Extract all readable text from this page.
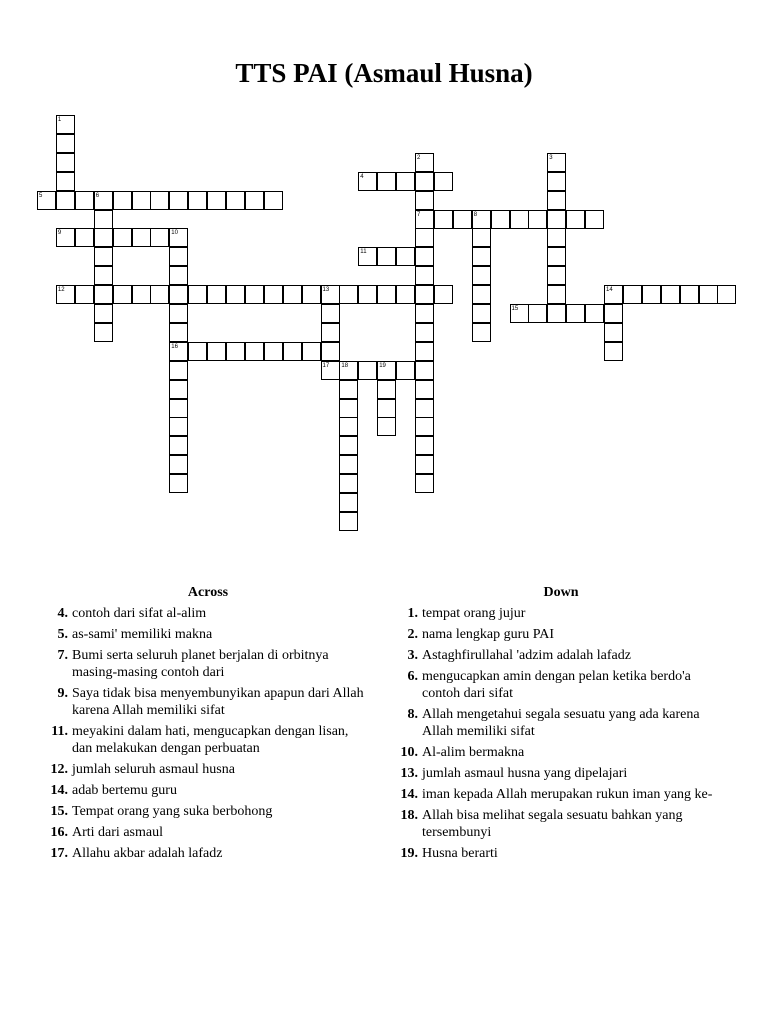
TTS PAI (Asmaul Husna)
1
2
7
3
4
5	6
8
9	10
16
11
12	13
17
14
15
18	19
Across
4. contoh dari sifat al-alim
5. as-sami' memiliki makna
7. Bumi serta seluruh planet berjalan di orbitnya masing-masing contoh dari
9. Saya tidak bisa menyembunyikan apapun dari Allah karena Allah memiliki sifat
11. meyakini dalam hati, mengucapkan dengan lisan, dan melakukan dengan perbuatan
12. jumlah seluruh asmaul husna
14. adab bertemu guru
15. Tempat orang yang suka berbohong
16. Arti dari asmaul
17. Allahu akbar adalah lafadz
Down
1. tempat orang jujur
2. nama lengkap guru PAI
3. Astaghfirullahal 'adzim adalah lafadz
6. mengucapkan amin dengan pelan ketika berdo'a contoh dari sifat
8. Allah mengetahui segala sesuatu yang ada karena Allah memiliki sifat
10. Al-alim bermakna
13. jumlah asmaul husna yang dipelajari
14. iman kepada Allah merupakan rukun iman yang ke-
18. Allah bisa melihat segala sesuatu bahkan yang tersembunyi
19. Husna berarti
